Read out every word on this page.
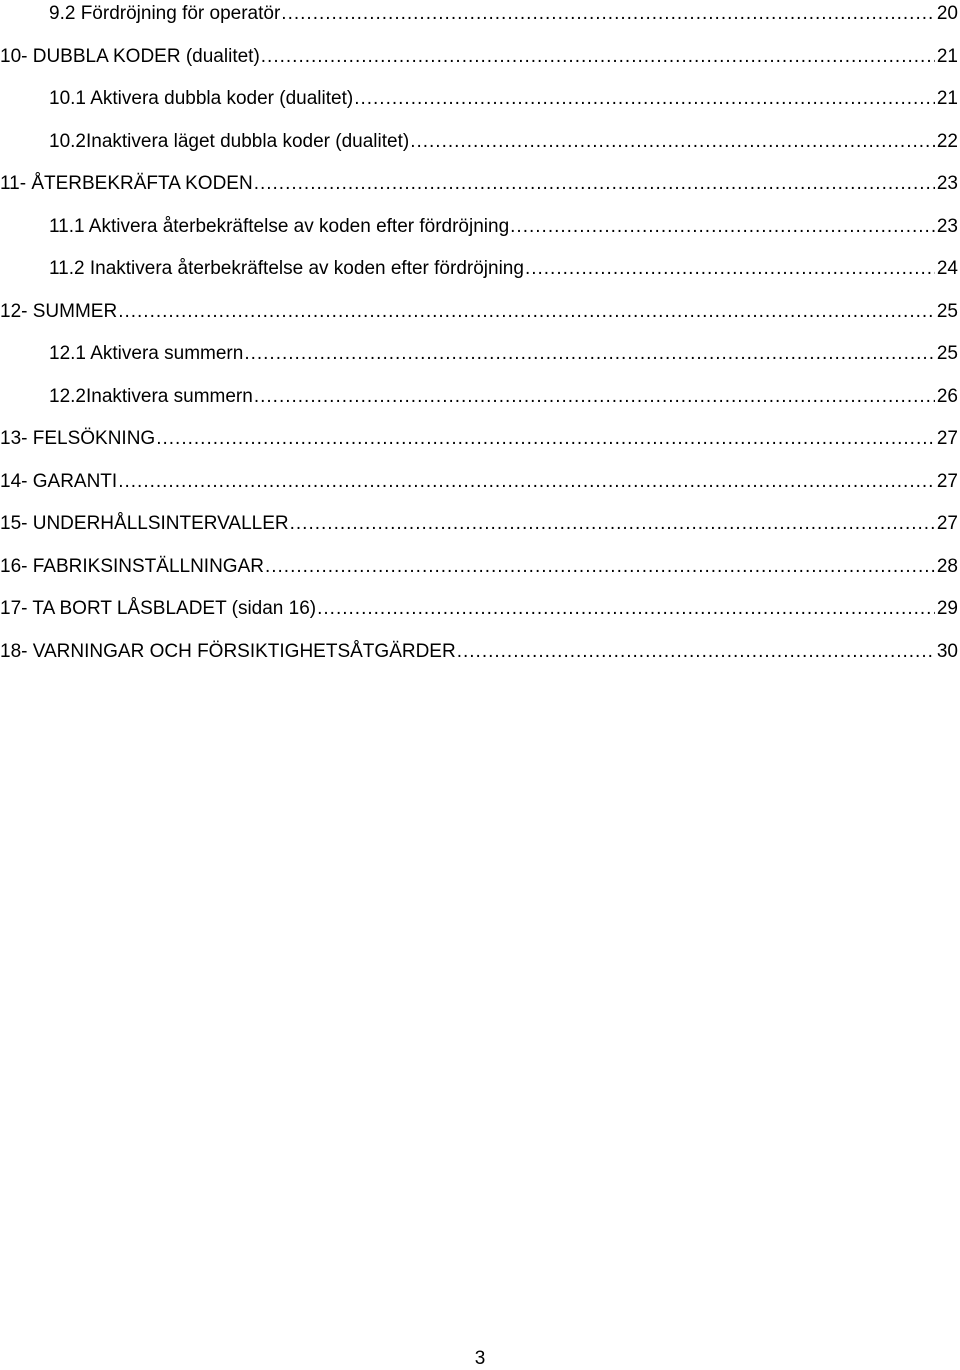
9.2 Fördröjning för operatör .....	20
10- DUBBLA KODER (dualitet) .....	21
10.1 Aktivera dubbla koder (dualitet) .....	21
10.2Inaktivera läget dubbla koder (dualitet) .....	22
11- ÅTERBEKRÄFTA KODEN .....	23
11.1 Aktivera återbekräftelse av koden efter fördröjning .....	23
11.2 Inaktivera återbekräftelse av koden efter fördröjning .....	24
12- SUMMER .....	25
12.1 Aktivera summern .....	25
12.2Inaktivera summern .....	26
13- FELSÖKNING .....	27
14- GARANTI .....	27
15- UNDERHÅLLSINTERVALLER .....	27
16- FABRIKSINSTÄLLNINGAR .....	28
17- TA BORT LÅSBLADET (sidan 16) .....	29
18- VARNINGAR OCH FÖRSIKTIGHETSÅTGÄRDER .....	30
3
